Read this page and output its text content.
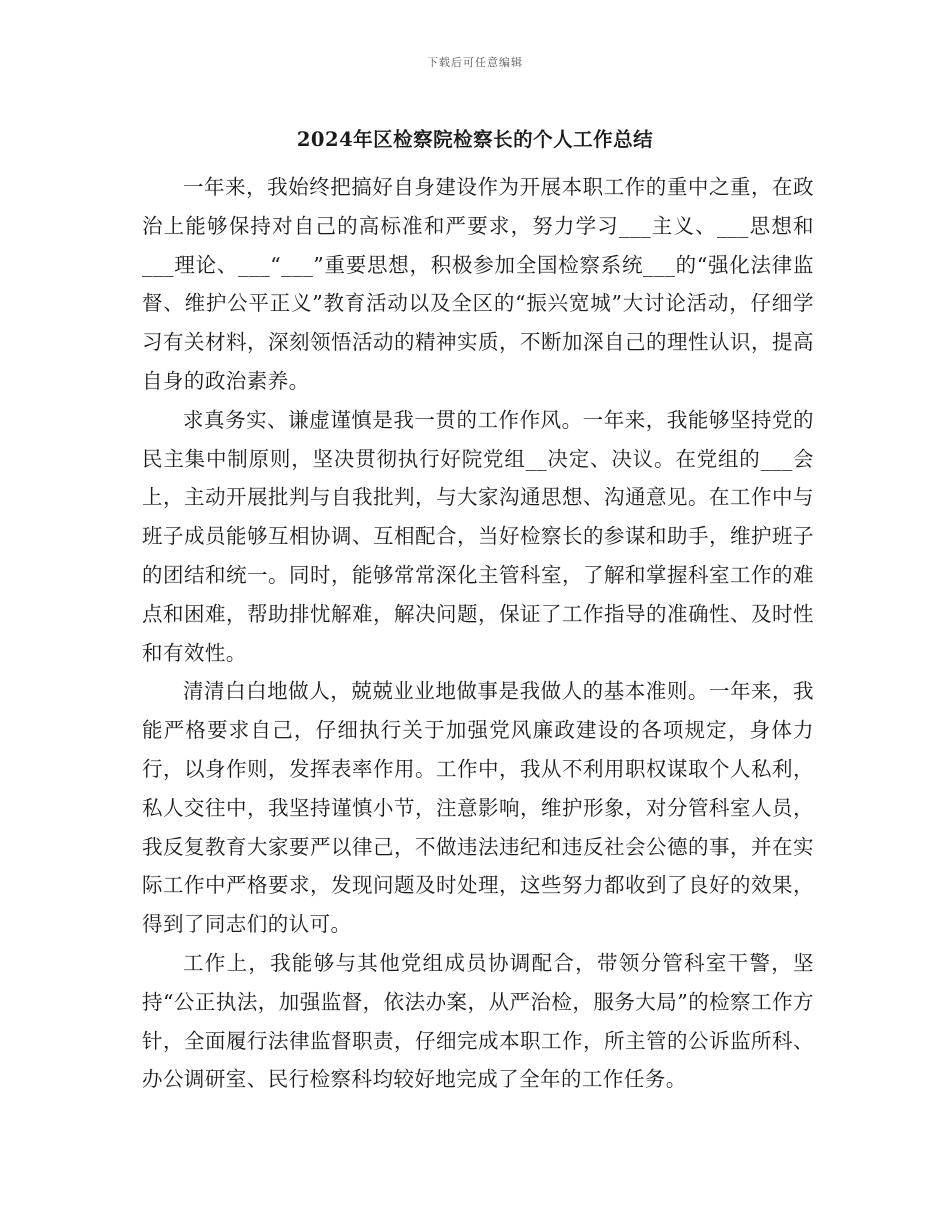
下载后可任意编辑
2024年区检察院检察长的个人工作总结

一年来，我始终把搞好自身建设作为开展本职工作的重中之重，在政治上能够保持对自己的高标准和严要求，努力学习___主义、___思想和___理论、___“___”重要思想，积极参加全国检察系统___的“强化法律监督、维护公平正义”教育活动以及全区的“振兴宽城”大讨论活动，仔细学习有关材料，深刻领悟活动的精神实质，不断加深自己的理性认识，提高自身的政治素养。

求真务实、谦虚谨慎是我一贯的工作作风。一年来，我能够坚持党的民主集中制原则，坚决贯彻执行好院党组__决定、决议。在党组的___会上，主动开展批判与自我批判，与大家沟通思想、沟通意见。在工作中与班子成员能够互相协调、互相配合，当好检察长的参谋和助手，维护班子的团结和统一。同时，能够常常深化主管科室，了解和掌握科室工作的难点和困难，帮助排忧解难，解决问题，保证了工作指导的准确性、及时性和有效性。

清清白白地做人，兢兢业业地做事是我做人的基本准则。一年来，我能严格要求自己，仔细执行关于加强党风廉政建设的各项规定，身体力行，以身作则，发挥表率作用。工作中，我从不利用职权谋取个人私利，私人交往中，我坚持谨慎小节，注意影响，维护形象，对分管科室人员，我反复教育大家要严以律己，不做违法违纪和违反社会公德的事，并在实际工作中严格要求，发现问题及时处理，这些努力都收到了良好的效果，得到了同志们的认可。

工作上，我能够与其他党组成员协调配合，带领分管科室干警，坚持“公正执法，加强监督，依法办案，从严治检，服务大局”的检察工作方针，全面履行法律监督职责，仔细完成本职工作，所主管的公诉监所科、办公调研室、民行检察科均较好地完成了全年的工作任务。
